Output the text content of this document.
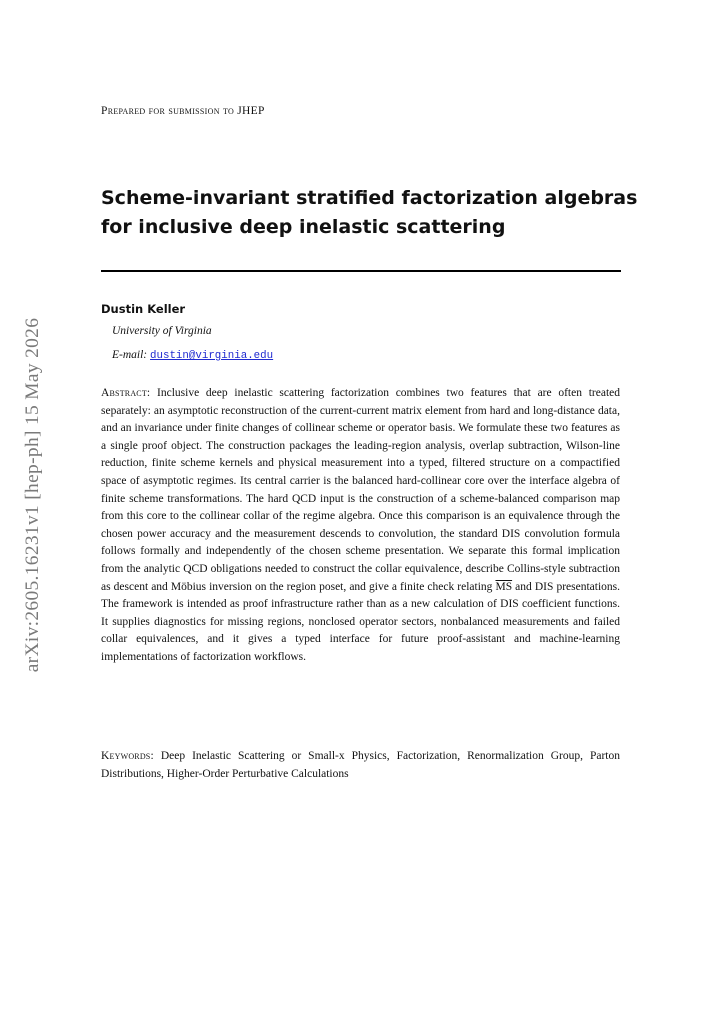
arXiv:2605.16231v1 [hep-ph] 15 May 2026
Prepared for submission to JHEP
Scheme-invariant stratified factorization algebras for inclusive deep inelastic scattering
Dustin Keller
University of Virginia
E-mail: dustin@virginia.edu
Abstract: Inclusive deep inelastic scattering factorization combines two features that are often treated separately: an asymptotic reconstruction of the current-current matrix element from hard and long-distance data, and an invariance under finite changes of collinear scheme or operator basis. We formulate these two features as a single proof object. The construction packages the leading-region analysis, overlap subtraction, Wilson-line reduction, finite scheme kernels and physical measurement into a typed, filtered structure on a compactified space of asymptotic regimes. Its central carrier is the balanced hard-collinear core over the interface algebra of finite scheme transformations. The hard QCD input is the construction of a scheme-balanced comparison map from this core to the collinear collar of the regime algebra. Once this comparison is an equivalence through the chosen power accuracy and the measurement descends to convolution, the standard DIS convolution formula follows formally and independently of the chosen scheme presentation. We separate this formal implication from the analytic QCD obligations needed to construct the collar equivalence, describe Collins-style subtraction as descent and Möbius inversion on the region poset, and give a finite check relating $\overline{MS}$ and DIS presentations. The framework is intended as proof infrastructure rather than as a new calculation of DIS coefficient functions. It supplies diagnostics for missing regions, nonclosed operator sectors, nonbalanced measurements and failed collar equivalences, and it gives a typed interface for future proof-assistant and machine-learning implementations of factorization workflows.
Keywords: Deep Inelastic Scattering or Small-x Physics, Factorization, Renormalization Group, Parton Distributions, Higher-Order Perturbative Calculations
